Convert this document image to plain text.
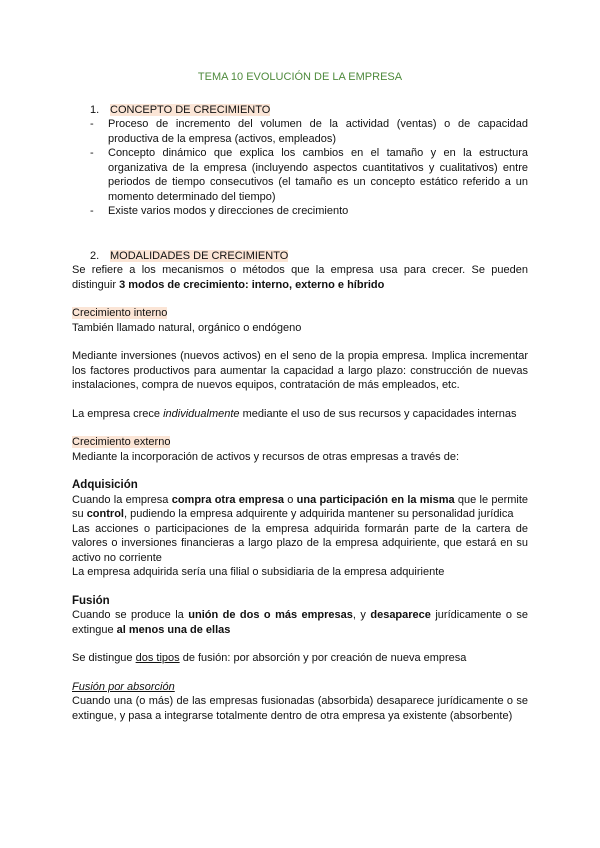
TEMA 10 EVOLUCIÓN DE LA EMPRESA

1. CONCEPTO DE CRECIMIENTO

- Proceso de incremento del volumen de la actividad (ventas) o de capacidad productiva de la empresa (activos, empleados)
- Concepto dinámico que explica los cambios en el tamaño y en la estructura organizativa de la empresa (incluyendo aspectos cuantitativos y cualitativos) entre periodos de tiempo consecutivos (el tamaño es un concepto estático referido a un momento determinado del tiempo)
- Existe varios modos y direcciones de crecimiento

2. MODALIDADES DE CRECIMIENTO

Se refiere a los mecanismos o métodos que la empresa usa para crecer. Se pueden distinguir 3 modos de crecimiento: interno, externo e híbrido

Crecimiento interno

También llamado natural, orgánico o endógeno

Mediante inversiones (nuevos activos) en el seno de la propia empresa. Implica incrementar los factores productivos para aumentar la capacidad a largo plazo: construcción de nuevas instalaciones, compra de nuevos equipos, contratación de más empleados, etc.

La empresa crece individualmente mediante el uso de sus recursos y capacidades internas

Crecimiento externo

Mediante la incorporación de activos y recursos de otras empresas a través de:

Adquisición

Cuando la empresa compra otra empresa o una participación en la misma que le permite su control, pudiendo la empresa adquirente y adquirida mantener su personalidad jurídica

Las acciones o participaciones de la empresa adquirida formarán parte de la cartera de valores o inversiones financieras a largo plazo de la empresa adquiriente, que estará en su activo no corriente

La empresa adquirida sería una filial o subsidiaria de la empresa adquiriente

Fusión

Cuando se produce la unión de dos o más empresas, y desaparece jurídicamente o se extingue al menos una de ellas

Se distingue dos tipos de fusión: por absorción y por creación de nueva empresa

Fusión por absorción

Cuando una (o más) de las empresas fusionadas (absorbida) desaparece jurídicamente o se extingue, y pasa a integrarse totalmente dentro de otra empresa ya existente (absorbente)
